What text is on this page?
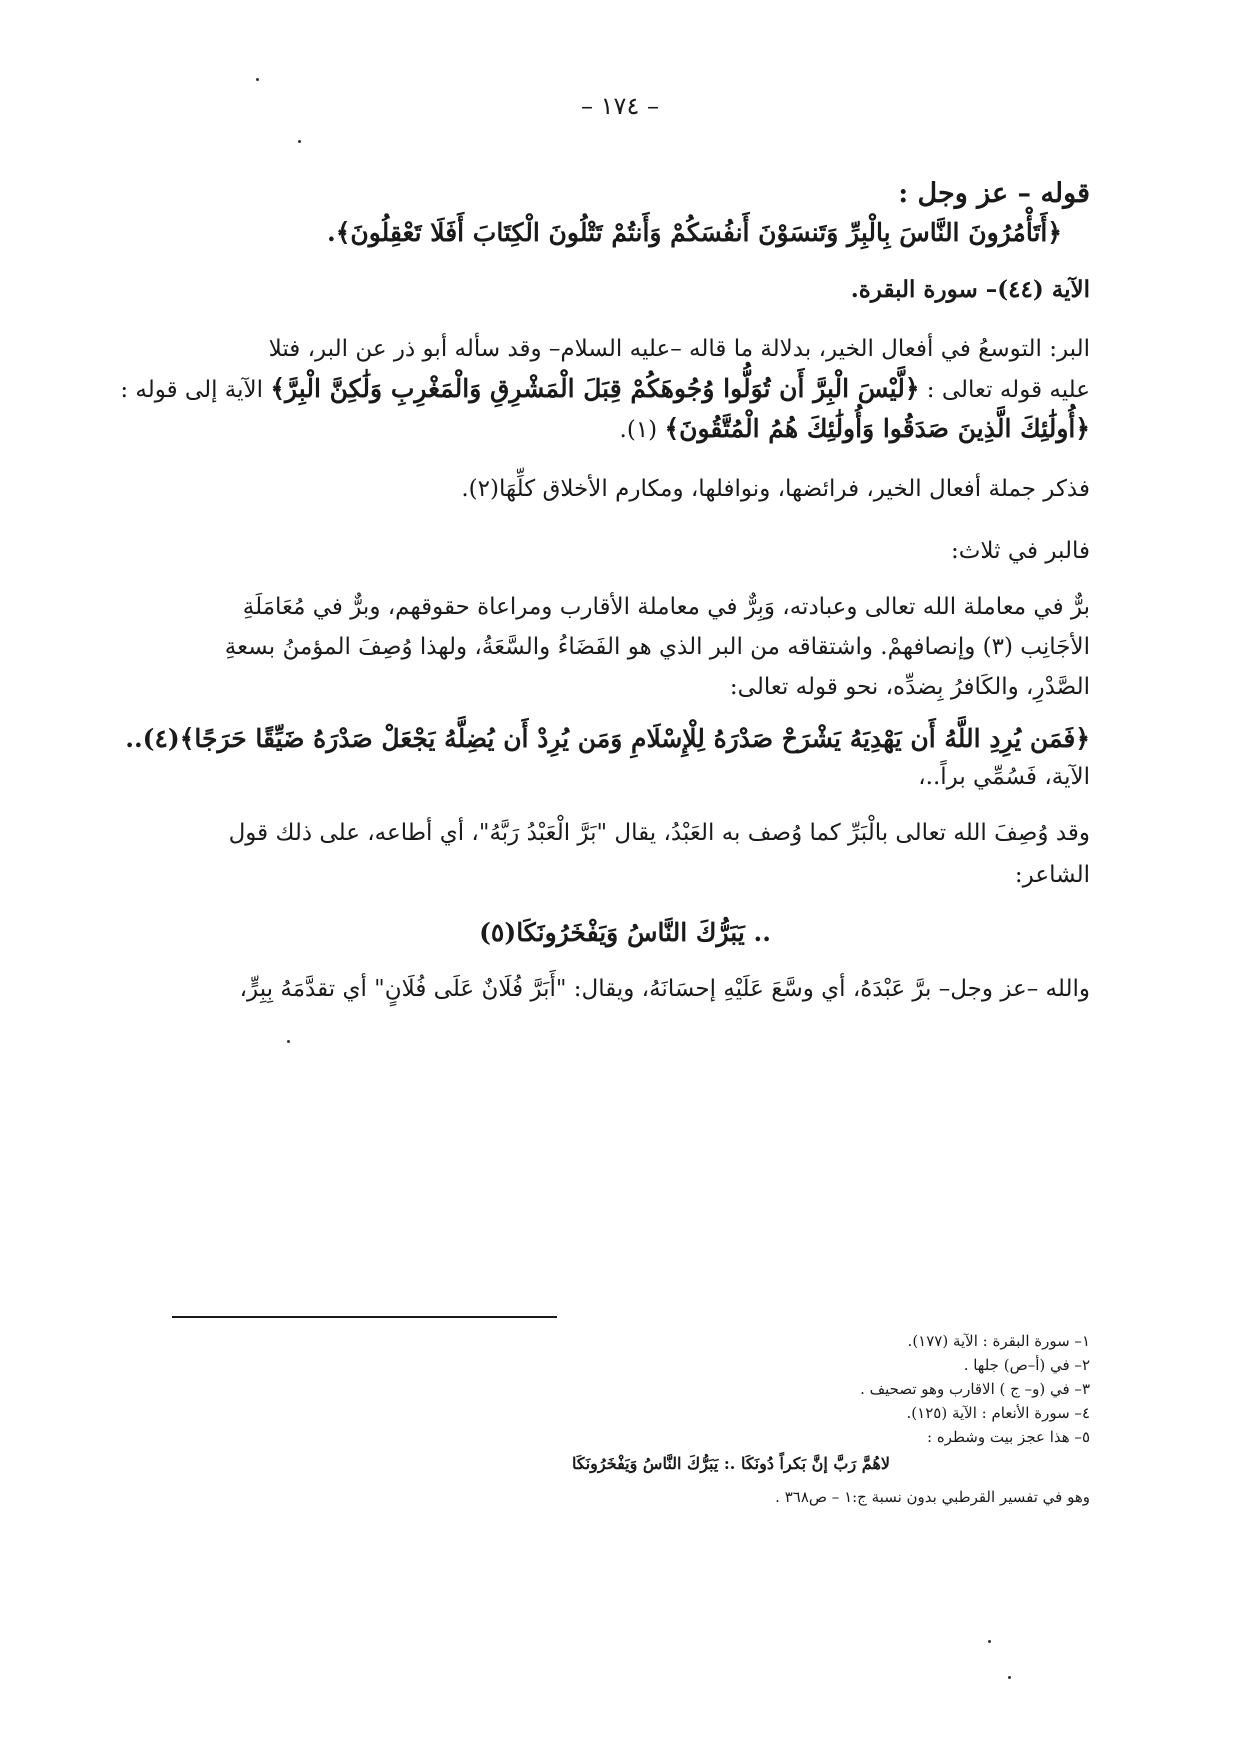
– ١٧٤ –
قوله – عز وجل :
﴿أَتَأْمُرُونَ النَّاسَ بِالْبِرِّ وَتَنسَوْنَ أَنفُسَكُمْ وَأَنتُمْ تَتْلُونَ الْكِتَابَ أَفَلَا تَعْقِلُونَ﴾.
الآية (٤٤)– سورة البقرة.
البر: التوسعُ في أفعال الخير، بدلالة ما قاله –عليه السلام– وقد سأله أبو ذر عن البر، فتلا
عليه قوله تعالى : ﴿لَّيْسَ الْبِرَّ أَن تُوَلُّوا وُجُوهَكُمْ قِبَلَ الْمَشْرِقِ وَالْمَغْرِبِ وَلَٰكِنَّ الْبِرَّ﴾ الآية إلى قوله :
﴿أُولَٰئِكَ الَّذِينَ صَدَقُوا وَأُولَٰئِكَ هُمُ الْمُتَّقُونَ﴾ (١).
فذكر جملة أفعال الخير، فرائضها، ونوافلها، ومكارم الأخلاق كلِّهَا(٢).
فالبر في ثلاث:
برٌّ في معاملة الله تعالى وعبادته، وَبِرٌّ في معاملة الأقارب ومراعاة حقوقهم، وبرٌّ في مُعَامَلَةِ
الأجَانِب (٣) وإنصافهمْ. واشتقاقه من البر الذي هو الفَضَاءُ والسَّعَةُ، ولهذا وُصِفَ المؤمنُ بسعةِ
الصَّدْرِ، والكَافرُ بِضدِّه، نحو قوله تعالى:
﴿فَمَن يُرِدِ اللَّهُ أَن يَهْدِيَهُ يَشْرَحْ صَدْرَهُ لِلْإِسْلَامِ وَمَن يُرِدْ أَن يُضِلَّهُ يَجْعَلْ صَدْرَهُ ضَيِّقًا حَرَجًا﴾(٤)..
الآية، فَسُمِّي براً..،
وقد وُصِفَ الله تعالى بالْبَرِّ كما وُصف به العَبْدُ، يقال "بَرَّ الْعَبْدُ رَبَّهُ"، أي أطاعه، على ذلك قول
الشاعر:
.. يَبَرُّكَ النَّاسُ وَيَفْخَرُونَكَا(٥)
والله –عز وجل– برَّ عَبْدَهُ، أي وسَّعَ عَلَيْهِ إحسَانَهُ، ويقال: "أَبَرَّ فُلَانٌ عَلَى فُلَانٍ" أي تقدَّمَهُ بِبِرٍّ،
١– سورة البقرة : الآية (١٧٧).
٢– في (أ–ص) جلها .
٣– في (و– ج ) الاقارب وهو تصحيف .
٤– سورة الأنعام : الآية (١٢٥).
٥– هذا عجز بيت وشطره :
لاهُمَّ رَبَّ إنَّ بَكراً دُونَكَا .: يَبَرُّكَ النَّاسُ وَيَفْخَرُونَكَا
وهو في تفسير القرطبي بدون نسبة ج:١ – ص٣٦٨ .
